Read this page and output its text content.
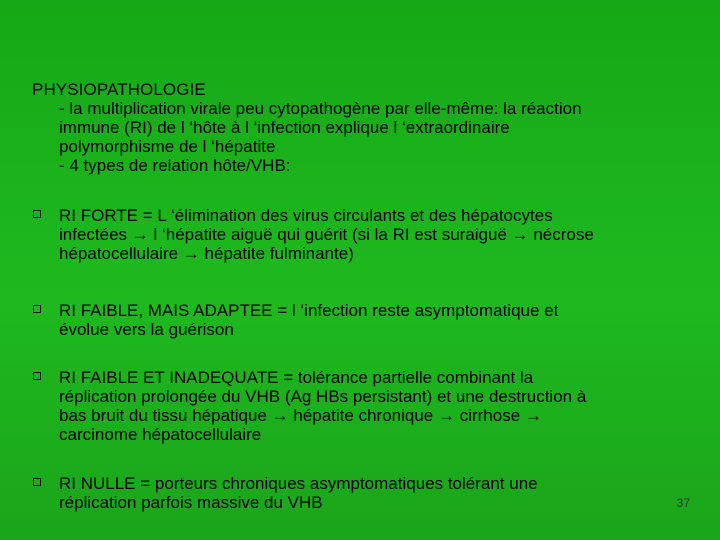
PHYSIOPATHOLOGIE
- la multiplication virale peu cytopathogène par elle-même: la réaction
immune (RI) de l ‘hôte à l ‘infection explique l ‘extraordinaire
polymorphisme de l ‘hépatite
- 4 types de relation hôte/VHB:
RI FORTE = L ‘élimination des virus circulants et des hépatocytes
infectées → l ‘hépatite aiguë qui guérit (si la RI est suraiguë → nécrose
hépatocellulaire → hépatite fulminante)
RI FAIBLE, MAIS ADAPTEE = l ‘infection reste asymptomatique et
évolue vers la guérison
RI FAIBLE ET INADEQUATE = tolérance partielle combinant la
réplication prolongée du VHB (Ag HBs persistant) et une destruction à
bas bruit du tissu hépatique → hépatite chronique → cirrhose →
carcinome hépatocellulaire
RI NULLE = porteurs chroniques asymptomatiques tolérant une
réplication parfois massive du VHB	37
